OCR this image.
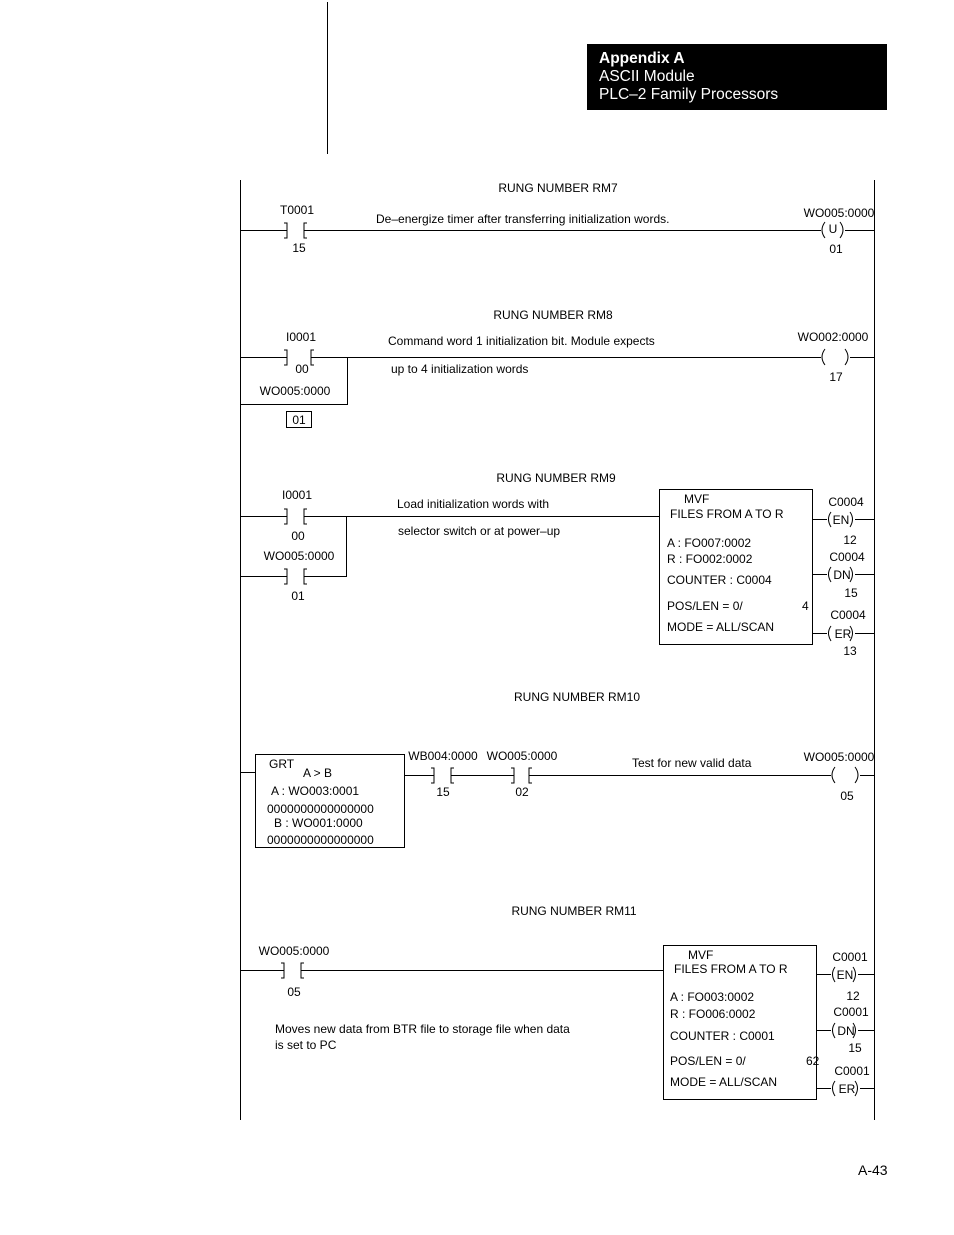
Appendix A
ASCII Module
PLC–2 Family Processors
RUNG NUMBER RM7
T0001
15
De–energize timer after transferring initialization words.	WO005:0000
U
01
RUNG NUMBER RM8
I0001
00
WO005:0000
01
Command word 1 initialization bit. Module expects
up to 4 initialization words
WO002:0000
17
RUNG NUMBER RM9
I0001
00
WO005:0000
01
Load initialization words with
selector switch or at power–up
MVF
FILES FROM A TO R
A : FO007:0002
R : FO002:0002
COUNTER : C0004
POS/LEN = 0/	4
MODE = ALL/SCAN
C0004
EN
12
C0004
DN
15
C0004
ER
13
RUNG NUMBER RM10
GRT
A > B
A : WO003:0001
0000000000000000
B : WO001:0000
0000000000000000
WB004:0000
15
WO005:0000
02
Test for new valid data	WO005:0000
05
RUNG NUMBER RM11
WO005:0000
05
Moves new data from BTR file to storage file when data
is set to PC
MVF
FILES FROM A TO R
A : FO003:0002
R : FO006:0002
COUNTER : C0001
POS/LEN = 0/	62
MODE = ALL/SCAN
C0001
EN
12
C0001
DN
15
C0001
ER
A-43
